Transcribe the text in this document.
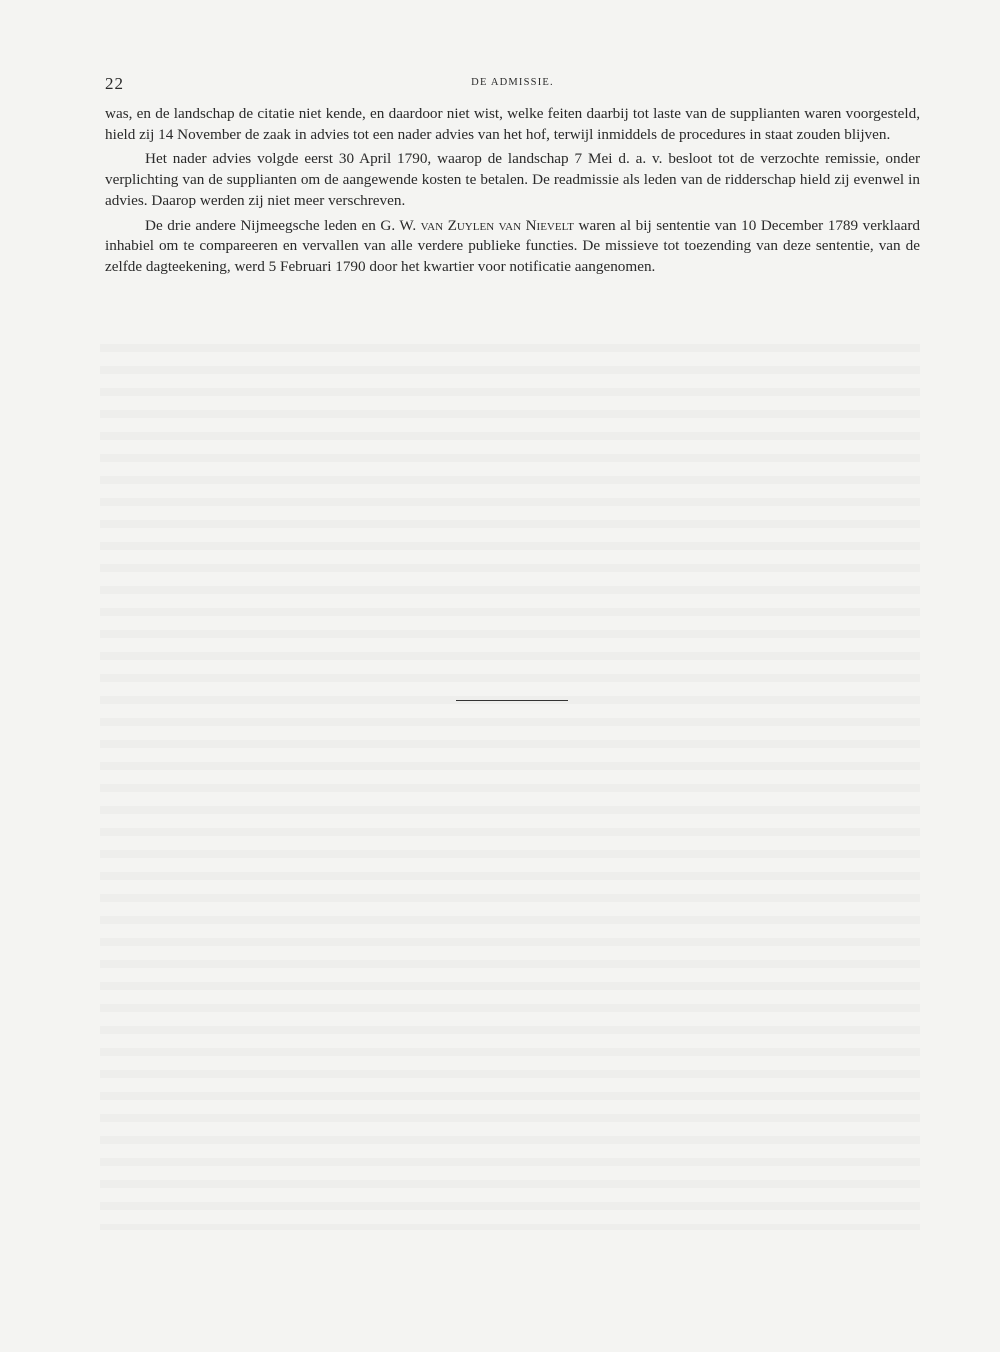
22	DE ADMISSIE.

was, en de landschap de citatie niet kende, en daardoor niet wist, welke feiten daarbij tot laste van de supplianten waren voorgesteld, hield zij 14 November de zaak in advies tot een nader advies van het hof, terwijl inmiddels de procedures in staat zouden blijven.

Het nader advies volgde eerst 30 April 1790, waarop de landschap 7 Mei d. a. v. besloot tot de verzochte remissie, onder verplichting van de supplianten om de aangewende kosten te betalen. De readmissie als leden van de ridderschap hield zij evenwel in advies. Daarop werden zij niet meer verschreven.

De drie andere Nijmeegsche leden en G. W. van Zuylen van Nievelt waren al bij sententie van 10 December 1789 verklaard inhabiel om te compareeren en vervallen van alle verdere publieke functies. De missieve tot toezending van deze sententie, van de zelfde dagteekening, werd 5 Februari 1790 door het kwartier voor notificatie aangenomen.
